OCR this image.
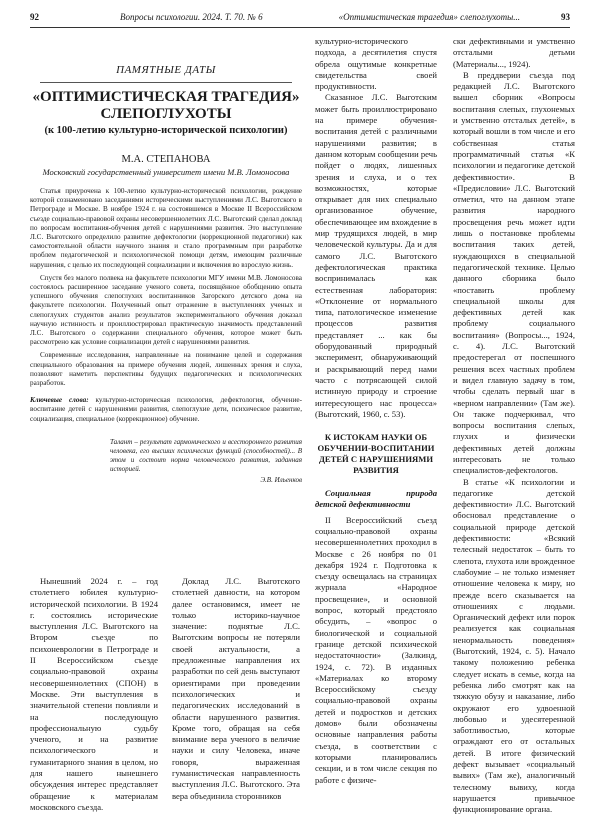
92	Вопросы психологии. 2024. Т. 70. № 6	«Оптимистическая трагедия» слепоглухоты...	93
ПАМЯТНЫЕ ДАТЫ
«ОПТИМИСТИЧЕСКАЯ ТРАГЕДИЯ» СЛЕПОГЛУХОТЫ
(к 100-летию культурно-исторической психологии)
М.А. СТЕПАНОВА
Московский государственный университет имени М.В. Ломоносова

Статья приурочена к 100-летию культурно-исторической психологии, рождение которой сознаменовано заседаниями историческими выступлениями Л.С. Выготского в Петрограде и Москве. В ноябре 1924 г. на состоявшемся в Москве II Всероссийском съезде социально-правовой охраны несовершеннолетних Л.С. Выготский сделал доклад по вопросам воспитания-обучения детей с нарушениями развития. Это выступление Л.С. Выготского определило развитие дефектологии (коррекционной педагогики) как самостоятельной области научного знания и стало программным при разработке проблем педагогической и психологической помощи детям, имеющим различные нарушения, с целью их последующей социализации и включения во взрослую жизнь.

Спустя без малого полвека на факультете психологии МГУ имени М.В. Ломоносова состоялось расширенное заседание ученого совета, посвящённое обобщению опыта успешного обучения слепоглухих воспитанников Загорского детского дома на факультете психологии. Полученный опыт отражение в выступлениях ученых и слепоглухих студентов анализ результатов экспериментального обучения доказал научную истинность и проиллюстрировал практическую значимость представлений Л.С. Выготского о содержании специального обучения, которое может быть рассмотрено как условие социализации детей с нарушениями развития.

Современные исследования, направленные на понимание целей и содержания специального образования на примере обучения людей, лишенных зрения и слуха, позволяют наметить перспективы будущих педагогических и психологических разработок.

Ключевые слова: культурно-историческая психология, дефектология, обучение-воспитание детей с нарушениями развития, слепоглухие дети, психическое развитие, социализация, специальное (коррекционное) обучение.
Талант – результат гармонического и всестороннего развития человека, его высших психических функций (способностей)... В этом и состоит норма человеческого развития, заданная историей.
Э.В. Ильенков

Нынешний 2024 г. – год столетнего юбилея культурно-исторической психологии. В 1924 г. состоялись исторические выступления Л.С. Выготского на Втором съезде по психоневрологии в Петрограде и II Всероссийском съезде социально-правовой охраны несовершеннолетних (СПОН) в Москве. Эти выступления в значительной степени повлияли и на последующую профессиональную судьбу ученого, и на развитие психологического и гуманитарного знания в целом, но для нашего нынешнего обсуждения интерес представляет обращение к материалам московского съезда.

Доклад Л.С. Выготского столетней давности, на котором далее остановимся, имеет не только историко-научное значение: поднятые Л.С. Выготским вопросы не потеряли своей актуальности, а предложенные направления их разработки по сей день выступают ориентирами при проведении психологических и педагогических исследований в области нарушенного развития. Кроме того, обращая на себя внимание вера ученого в величие науки и силу Человека, иначе говоря, выраженная гуманистическая направленность выступления Л.С. Выготского. Эта вера объединила сторонников

культурно-исторического подхода, а десятилетия спустя обрела ощутимые конкретные свидетельства своей продуктивности.

Сказанное Л.С. Выготским может быть проиллюстрировано на примере обучения-воспитания детей с различными нарушениями развития; в данном которым сообщении речь пойдет о людях, лишенных зрения и слуха, и о тех возможностях, которые открывает для них специально организованное обучение, обеспечивающее им вхождение в мир трудящихся людей, в мир человеческой культуры. Да и для самого Л.С. Выготского дефектологическая практика воспринималась как естественная лаборатория: «Отклонение от нормального типа, патологическое изменение процессов развития представляет ... как бы оборудованный природный эксперимент, обнаруживающий и раскрывающий перед нами часто с потрясающей силой истинную природу и строение интересующего нас процесса» (Выготский, 1960, с. 53).

К ИСТОКАМ НАУКИ ОБ ОБУЧЕНИИ-ВОСПИТАНИИ ДЕТЕЙ С НАРУШЕНИЯМИ РАЗВИТИЯ
Социальная природа детской дефективности

II Всероссийский съезд социально-правовой охраны несовершеннолетних проходил в Москве с 26 ноября по 01 декабря 1924 г. Подготовка к съезду освещалась на страницах журнала «Народное просвещение», и основной вопрос, который предстояло обсудить, – «вопрос о биологической и социальной границе детской психической недостаточности» (Залкинд, 1924, с. 72). В изданных «Материалах ко второму Всероссийскому съезду социально-правовой охраны детей и подростков и детских домов» были обозначены основные направления работы съезда, в соответствии с которыми планировались секции, и в том числе секция по работе с физиче-

ски дефективными и умственно отсталыми детьми (Материалы..., 1924).

В преддверии съезда под редакцией Л.С. Выготского вышел сборник «Вопросы воспитания слепых, глухонемых и умственно отсталых детей», в который вошли в том числе и его собственная статья программатичный статья «К психологии и педагогике детской дефективности». В «Предисловии» Л.С. Выготский отметил, что на данном этапе развития народного просвещения речь может идти лишь о постановке проблемы воспитания таких детей, нуждающихся в специальной педагогической технике. Целью данного сборника было «поставить проблему специальной школы для дефективных детей как проблему социального воспитания» (Вопросы..., 1924, с. 4). Л.С. Выготский предостерегал от поспешного решения всех частных проблем и видел главную задачу в том, чтобы сделать первый шаг в «верном направлении» (Там же). Он также подчеркивал, что вопросы воспитания слепых, глухих и физически дефективных детей должны интересовать не только специалистов-дефектологов.

В статье «К психологии и педагогике детской дефективности» Л.С. Выготский обосновал представление о социальной природе детской дефективности: «Всякий телесный недостаток – быть то слепота, глухота или врожденное слабоумие – не только изменяет отношение человека к миру, но прежде всего сказывается на отношениях с людьми. Органический дефект или порок реализуется как социальная ненормальность поведения» (Выготский, 1924, с. 5). Начало такому положению ребенка следует искать в семье, когда на ребенка либо смотрят как на тяжкую обузу и наказание, либо окружают его удвоенной любовью и удесятеренной заботливостью, которые ограждают его от остальных детей. В итоге физический дефект вызывает «социальный вывих» (Там же), аналогичный телесному вывиху, когда нарушается привычное функционирование органа.
